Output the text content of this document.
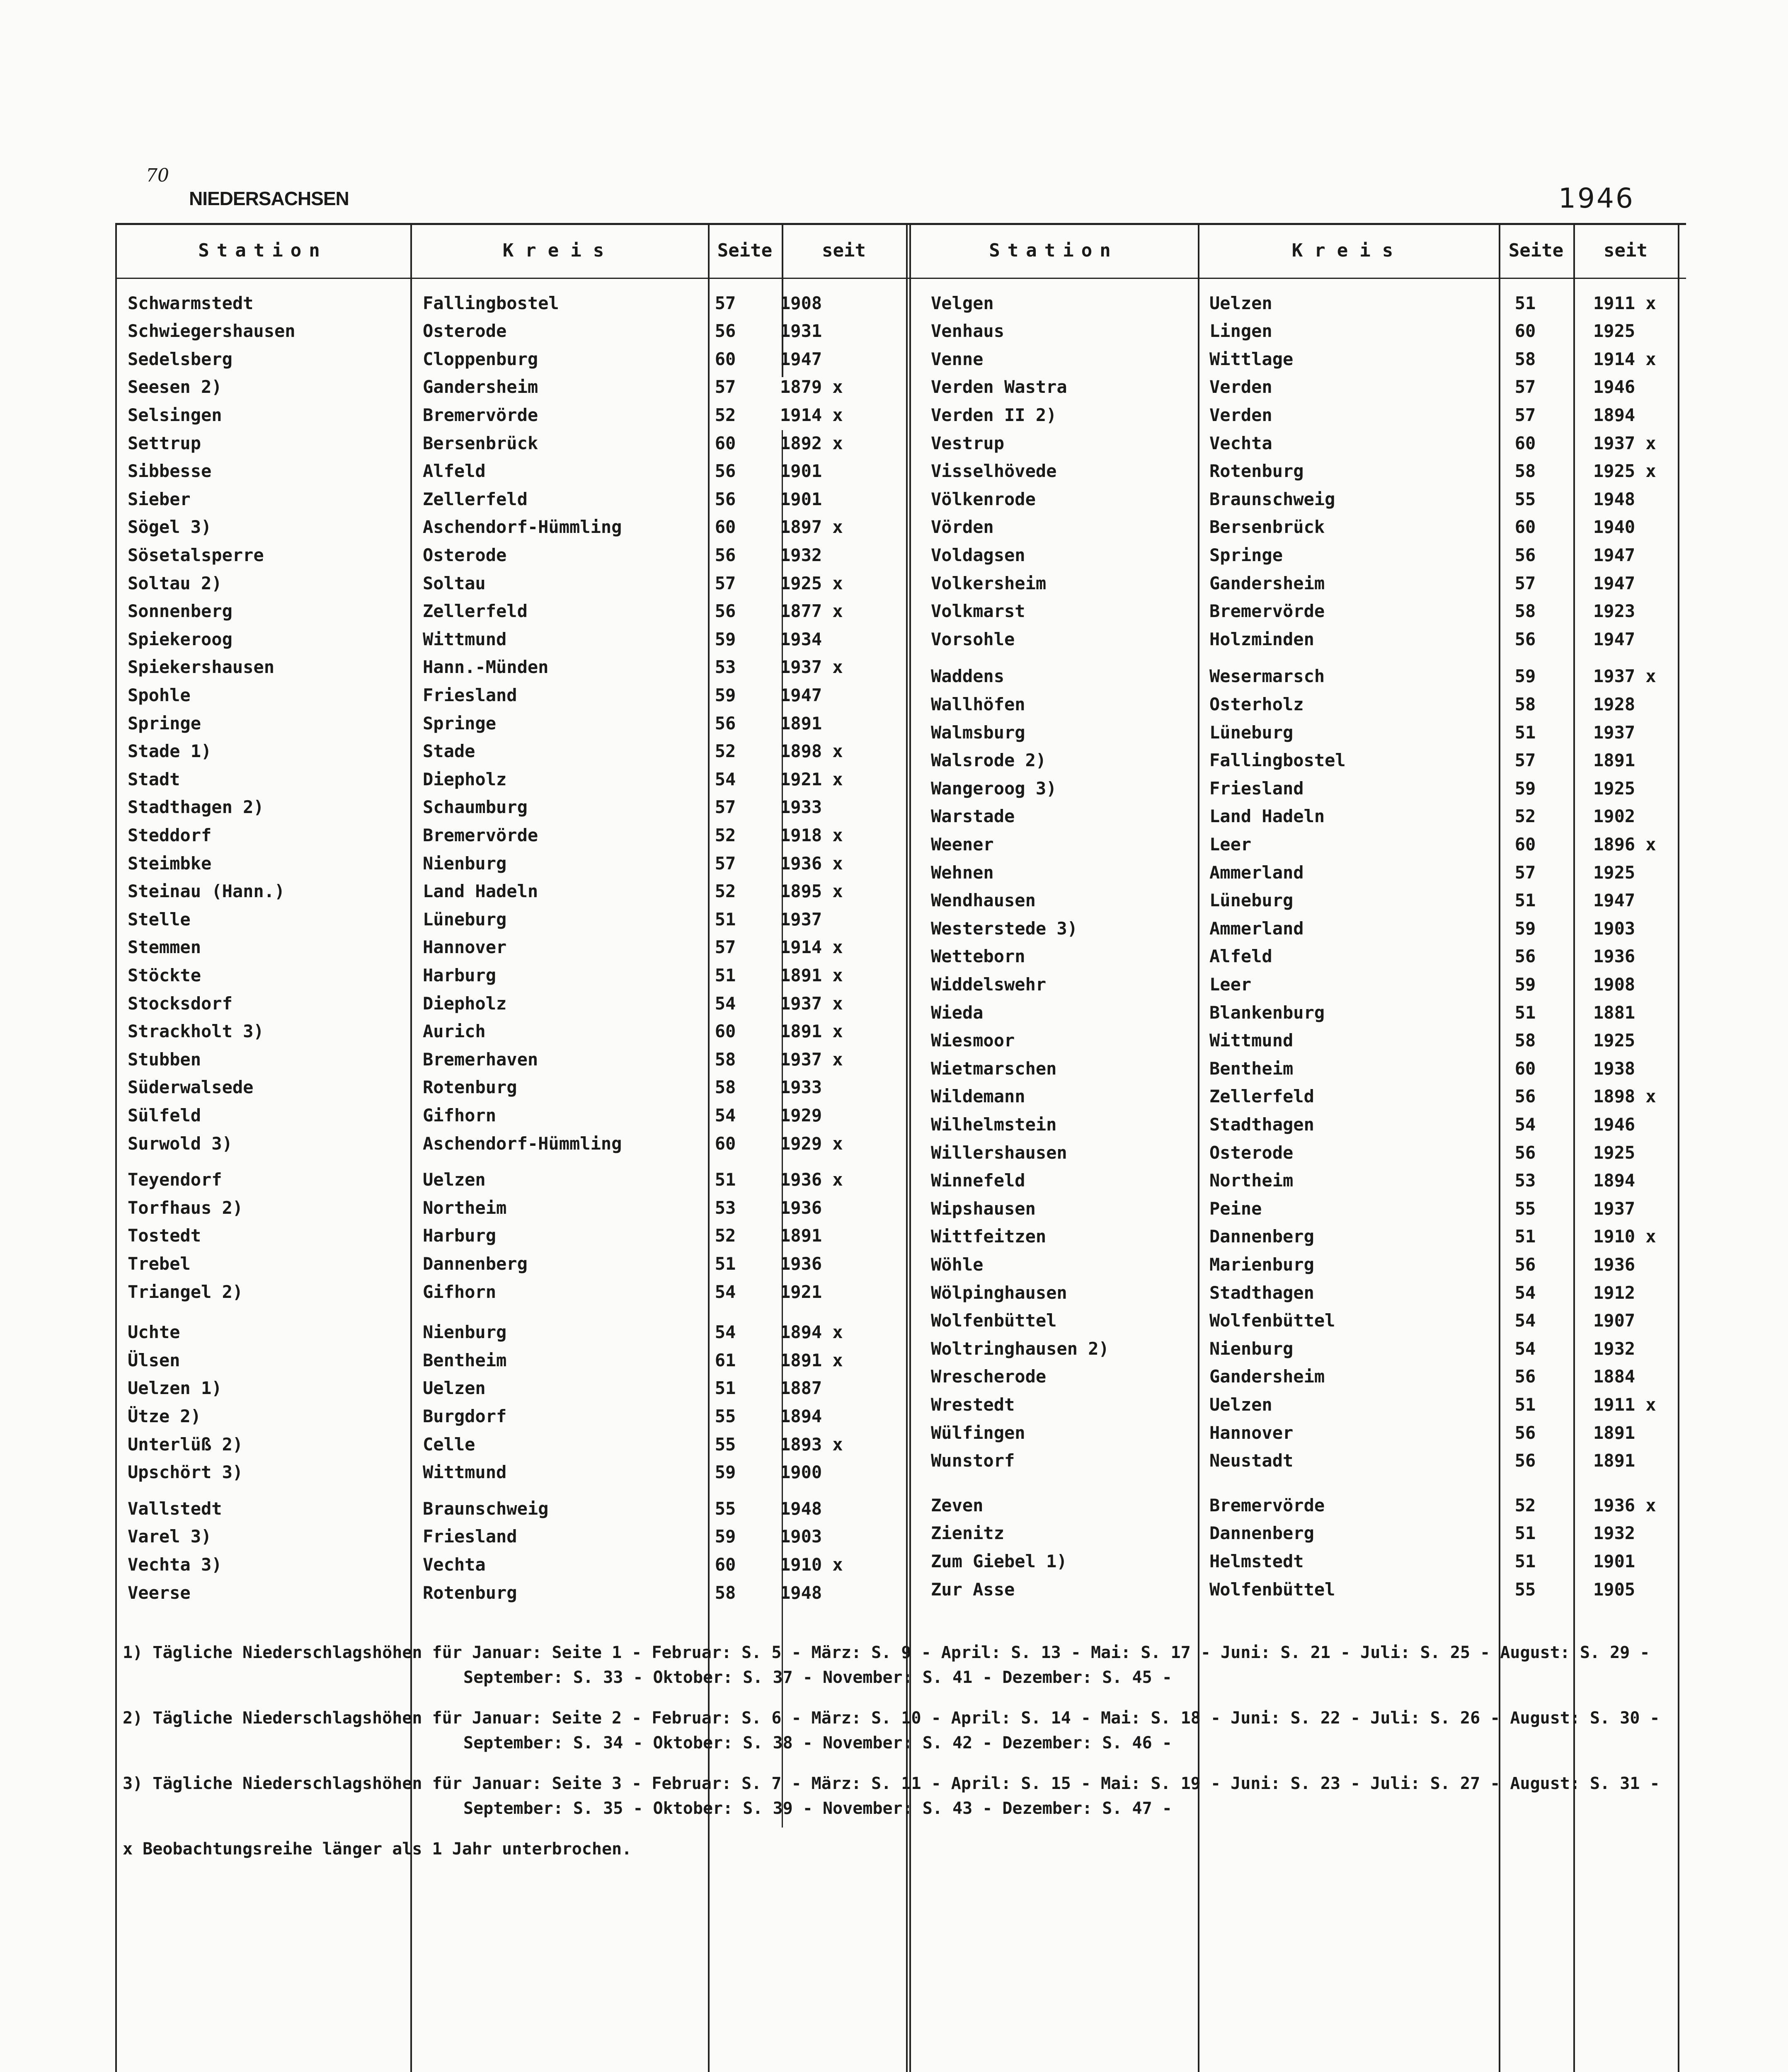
70
NIEDERSACHSEN	1946
Station	Kreis	Seite	seit	Station	Kreis	Seite	seit
Schwarmstedt	Fallingbostel	57	1908
Schwiegershausen	Osterode	56	1931
Sedelsberg	Cloppenburg	60	1947
Seesen 2)	Gandersheim	57	1879 x
Selsingen	Bremervörde	52	1914 x
Settrup	Bersenbrück	60	1892 x
Sibbesse	Alfeld	56	1901
Sieber	Zellerfeld	56	1901
Sögel 3)	Aschendorf-Hümmling	60	1897 x
Sösetalsperre	Osterode	56	1932
Soltau 2)	Soltau	57	1925 x
Sonnenberg	Zellerfeld	56	1877 x
Spiekeroog	Wittmund	59	1934
Spiekershausen	Hann.-Münden	53	1937 x
Spohle	Friesland	59	1947
Springe	Springe	56	1891
Stade 1)	Stade	52	1898 x
Stadt	Diepholz	54	1921 x
Stadthagen 2)	Schaumburg	57	1933
Steddorf	Bremervörde	52	1918 x
Steimbke	Nienburg	57	1936 x
Steinau (Hann.)	Land Hadeln	52	1895 x
Stelle	Lüneburg	51	1937
Stemmen	Hannover	57	1914 x
Stöckte	Harburg	51	1891 x
Stocksdorf	Diepholz	54	1937 x
Strackholt 3)	Aurich	60	1891 x
Stubben	Bremerhaven	58	1937 x
Süderwalsede	Rotenburg	58	1933
Sülfeld	Gifhorn	54	1929
Surwold 3)	Aschendorf-Hümmling	60	1929 x
Teyendorf	Uelzen	51	1936 x
Torfhaus 2)	Northeim	53	1936
Tostedt	Harburg	52	1891
Trebel	Dannenberg	51	1936
Triangel 2)	Gifhorn	54	1921
Uchte	Nienburg	54	1894 x
Ülsen	Bentheim	61	1891 x
Uelzen 1)	Uelzen	51	1887
Ütze 2)	Burgdorf	55	1894
Unterlüß 2)	Celle	55	1893 x
Upschört 3)	Wittmund	59	1900
Vallstedt	Braunschweig	55	1948
Varel 3)	Friesland	59	1903
Vechta 3)	Vechta	60	1910 x
Veerse	Rotenburg	58	1948
Velgen	Uelzen	51	1911 x
Venhaus	Lingen	60	1925
Venne	Wittlage	58	1914 x
Verden Wastra	Verden	57	1946
Verden II 2)	Verden	57	1894
Vestrup	Vechta	60	1937 x
Visselhövede	Rotenburg	58	1925 x
Völkenrode	Braunschweig	55	1948
Vörden	Bersenbrück	60	1940
Voldagsen	Springe	56	1947
Volkersheim	Gandersheim	57	1947
Volkmarst	Bremervörde	58	1923
Vorsohle	Holzminden	56	1947
Waddens	Wesermarsch	59	1937 x
Wallhöfen	Osterholz	58	1928
Walmsburg	Lüneburg	51	1937
Walsrode 2)	Fallingbostel	57	1891
Wangeroog 3)	Friesland	59	1925
Warstade	Land Hadeln	52	1902
Weener	Leer	60	1896 x
Wehnen	Ammerland	57	1925
Wendhausen	Lüneburg	51	1947
Westerstede 3)	Ammerland	59	1903
Wetteborn	Alfeld	56	1936
Widdelswehr	Leer	59	1908
Wieda	Blankenburg	51	1881
Wiesmoor	Wittmund	58	1925
Wietmarschen	Bentheim	60	1938
Wildemann	Zellerfeld	56	1898 x
Wilhelmstein	Stadthagen	54	1946
Willershausen	Osterode	56	1925
Winnefeld	Northeim	53	1894
Wipshausen	Peine	55	1937
Wittfeitzen	Dannenberg	51	1910 x
Wöhle	Marienburg	56	1936
Wölpinghausen	Stadthagen	54	1912
Wolfenbüttel	Wolfenbüttel	54	1907
Woltringhausen 2)	Nienburg	54	1932
Wrescherode	Gandersheim	56	1884
Wrestedt	Uelzen	51	1911 x
Wülfingen	Hannover	56	1891
Wunstorf	Neustadt	56	1891
Zeven	Bremervörde	52	1936 x
Zienitz	Dannenberg	51	1932
Zum Giebel 1)	Helmstedt	51	1901
Zur Asse	Wolfenbüttel	55	1905
1) Tägliche Niederschlagshöhen für Januar: Seite 1 - Februar: S. 5 - März: S. 9 - April: S. 13 - Mai: S. 17 - Juni: S. 21 - Juli: S. 25 - August: S. 29 -
September: S. 33 - Oktober: S. 37 - November: S. 41 - Dezember: S. 45 -
2) Tägliche Niederschlagshöhen für Januar: Seite 2 - Februar: S. 6 - März: S. 10 - April: S. 14 - Mai: S. 18 - Juni: S. 22 - Juli: S. 26 - August: S. 30 -
September: S. 34 - Oktober: S. 38 - November: S. 42 - Dezember: S. 46 -
3) Tägliche Niederschlagshöhen für Januar: Seite 3 - Februar: S. 7 - März: S. 11 - April: S. 15 - Mai: S. 19 - Juni: S. 23 - Juli: S. 27 - August: S. 31 -
September: S. 35 - Oktober: S. 39 - November: S. 43 - Dezember: S. 47 -
x Beobachtungsreihe länger als 1 Jahr unterbrochen.
